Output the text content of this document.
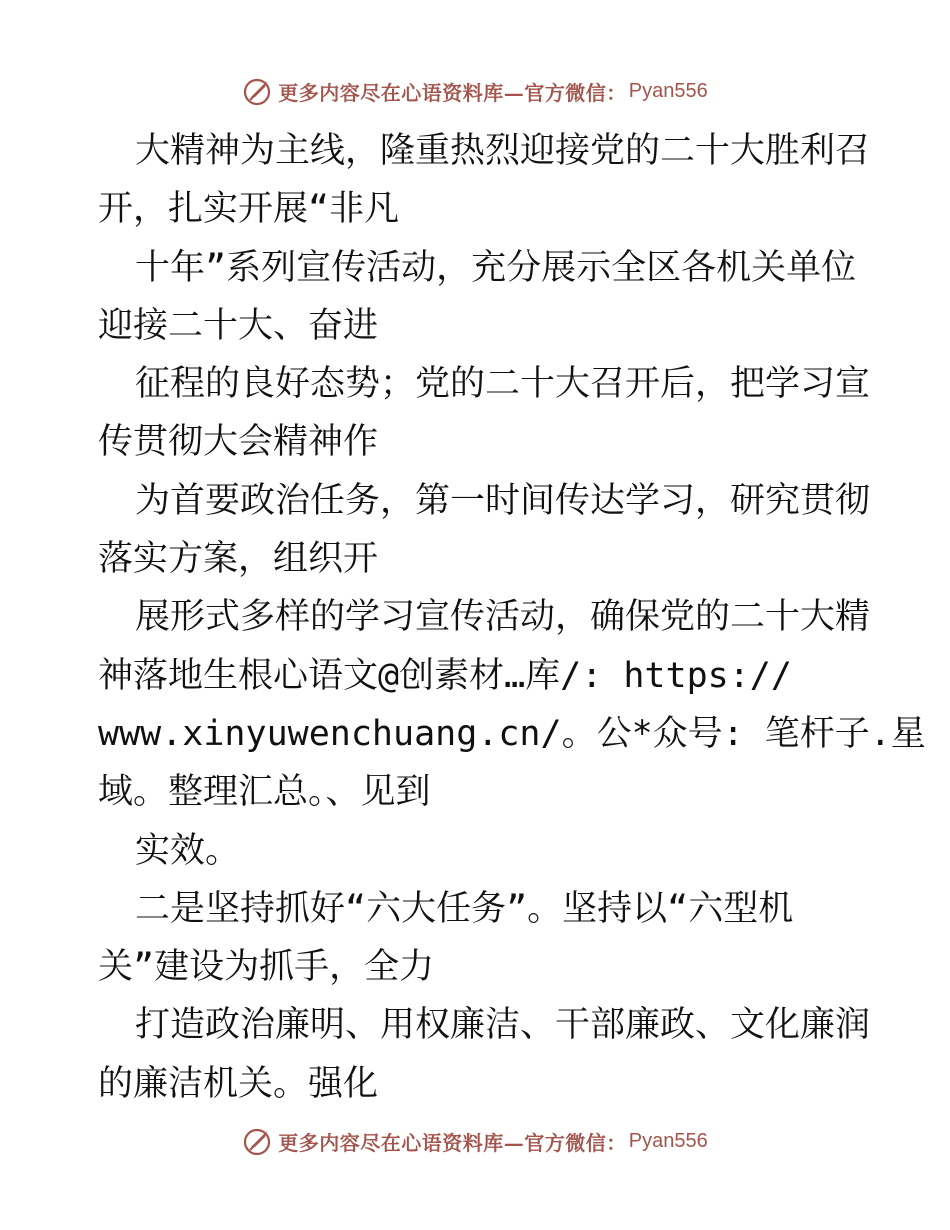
更多内容尽在心语资料库—官方微信： Pyan556
大精神为主线，隆重热烈迎接党的二十大胜利召
开，扎实开展“非凡
十年”系列宣传活动，充分展示全区各机关单位
迎接二十大、奋进
征程的良好态势；党的二十大召开后，把学习宣
传贯彻大会精神作
为首要政治任务，第一时间传达学习，研究贯彻
落实方案，组织开
展形式多样的学习宣传活动，确保党的二十大精
神落地生根心语文@创素材…库/: https://
www.xinyuwenchuang.cn/。公*众号: 笔杆子.星
域。整理汇总。、见到
实效。
二是坚持抓好“六大任务”。坚持以“六型机
关”建设为抓手，全力
打造政治廉明、用权廉洁、干部廉政、文化廉润
的廉洁机关。强化
更多内容尽在心语资料库—官方微信： Pyan556
